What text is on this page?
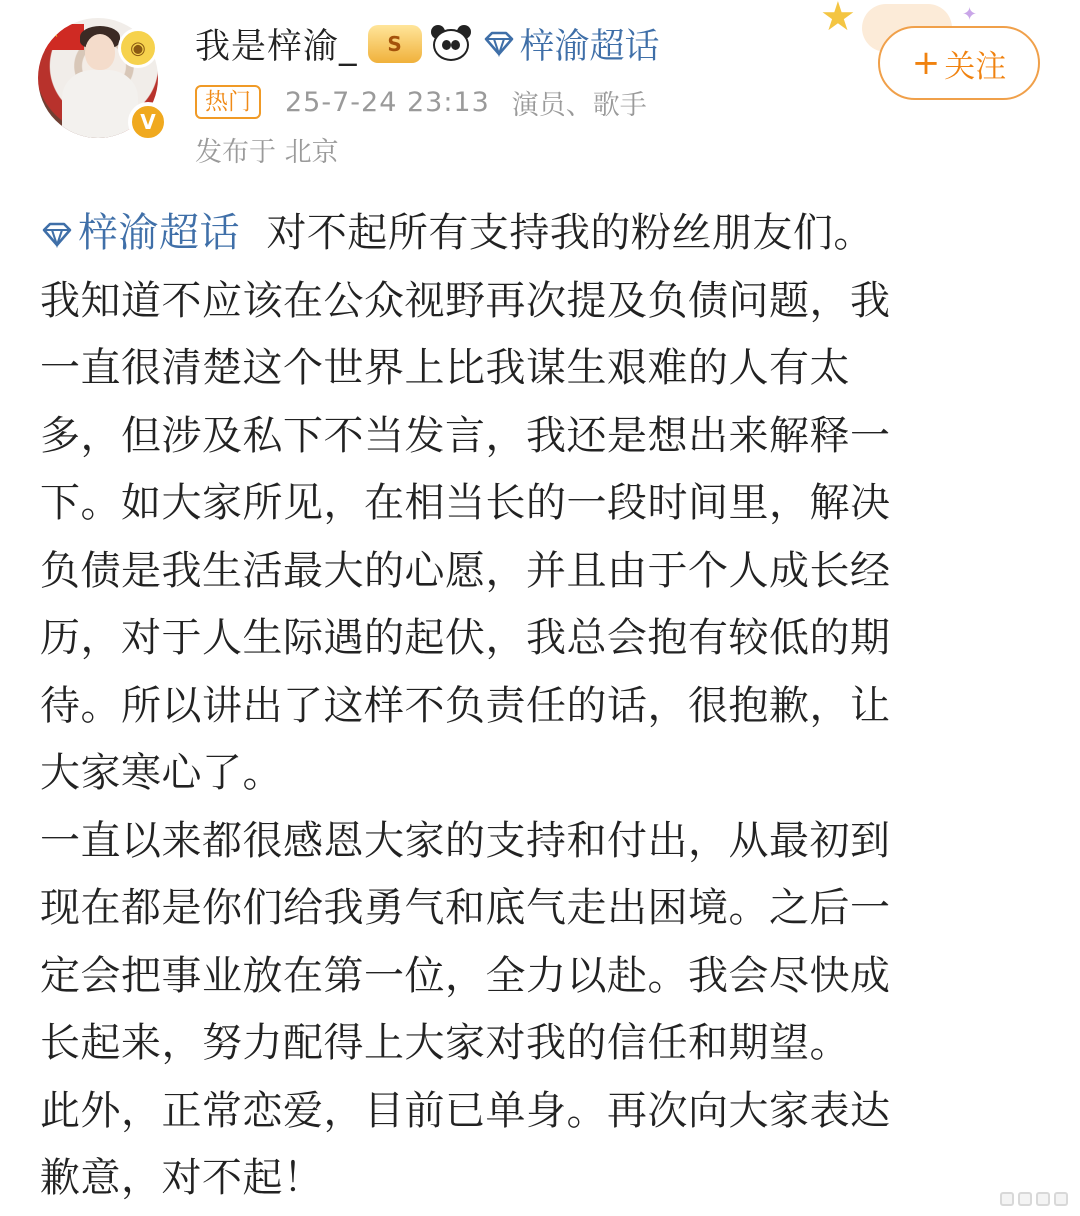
★
◉
V
我是梓渝_	S	梓渝超话
热门	25-7-24 23:13 演员、歌手
发布于 北京
★	✦
+ 关注
梓渝超话 对不起所有支持我的粉丝朋友们。
我知道不应该在公众视野再次提及负债问题，我
一直很清楚这个世界上比我谋生艰难的人有太
多，但涉及私下不当发言，我还是想出来解释一
下。如大家所见，在相当长的一段时间里，解决
负债是我生活最大的心愿，并且由于个人成长经
历，对于人生际遇的起伏，我总会抱有较低的期
待。所以讲出了这样不负责任的话，很抱歉，让
大家寒心了。
一直以来都很感恩大家的支持和付出，从最初到
现在都是你们给我勇气和底气走出困境。之后一
定会把事业放在第一位，全力以赴。我会尽快成
长起来，努力配得上大家对我的信任和期望。
此外，正常恋爱，目前已单身。再次向大家表达
歉意，对不起！
